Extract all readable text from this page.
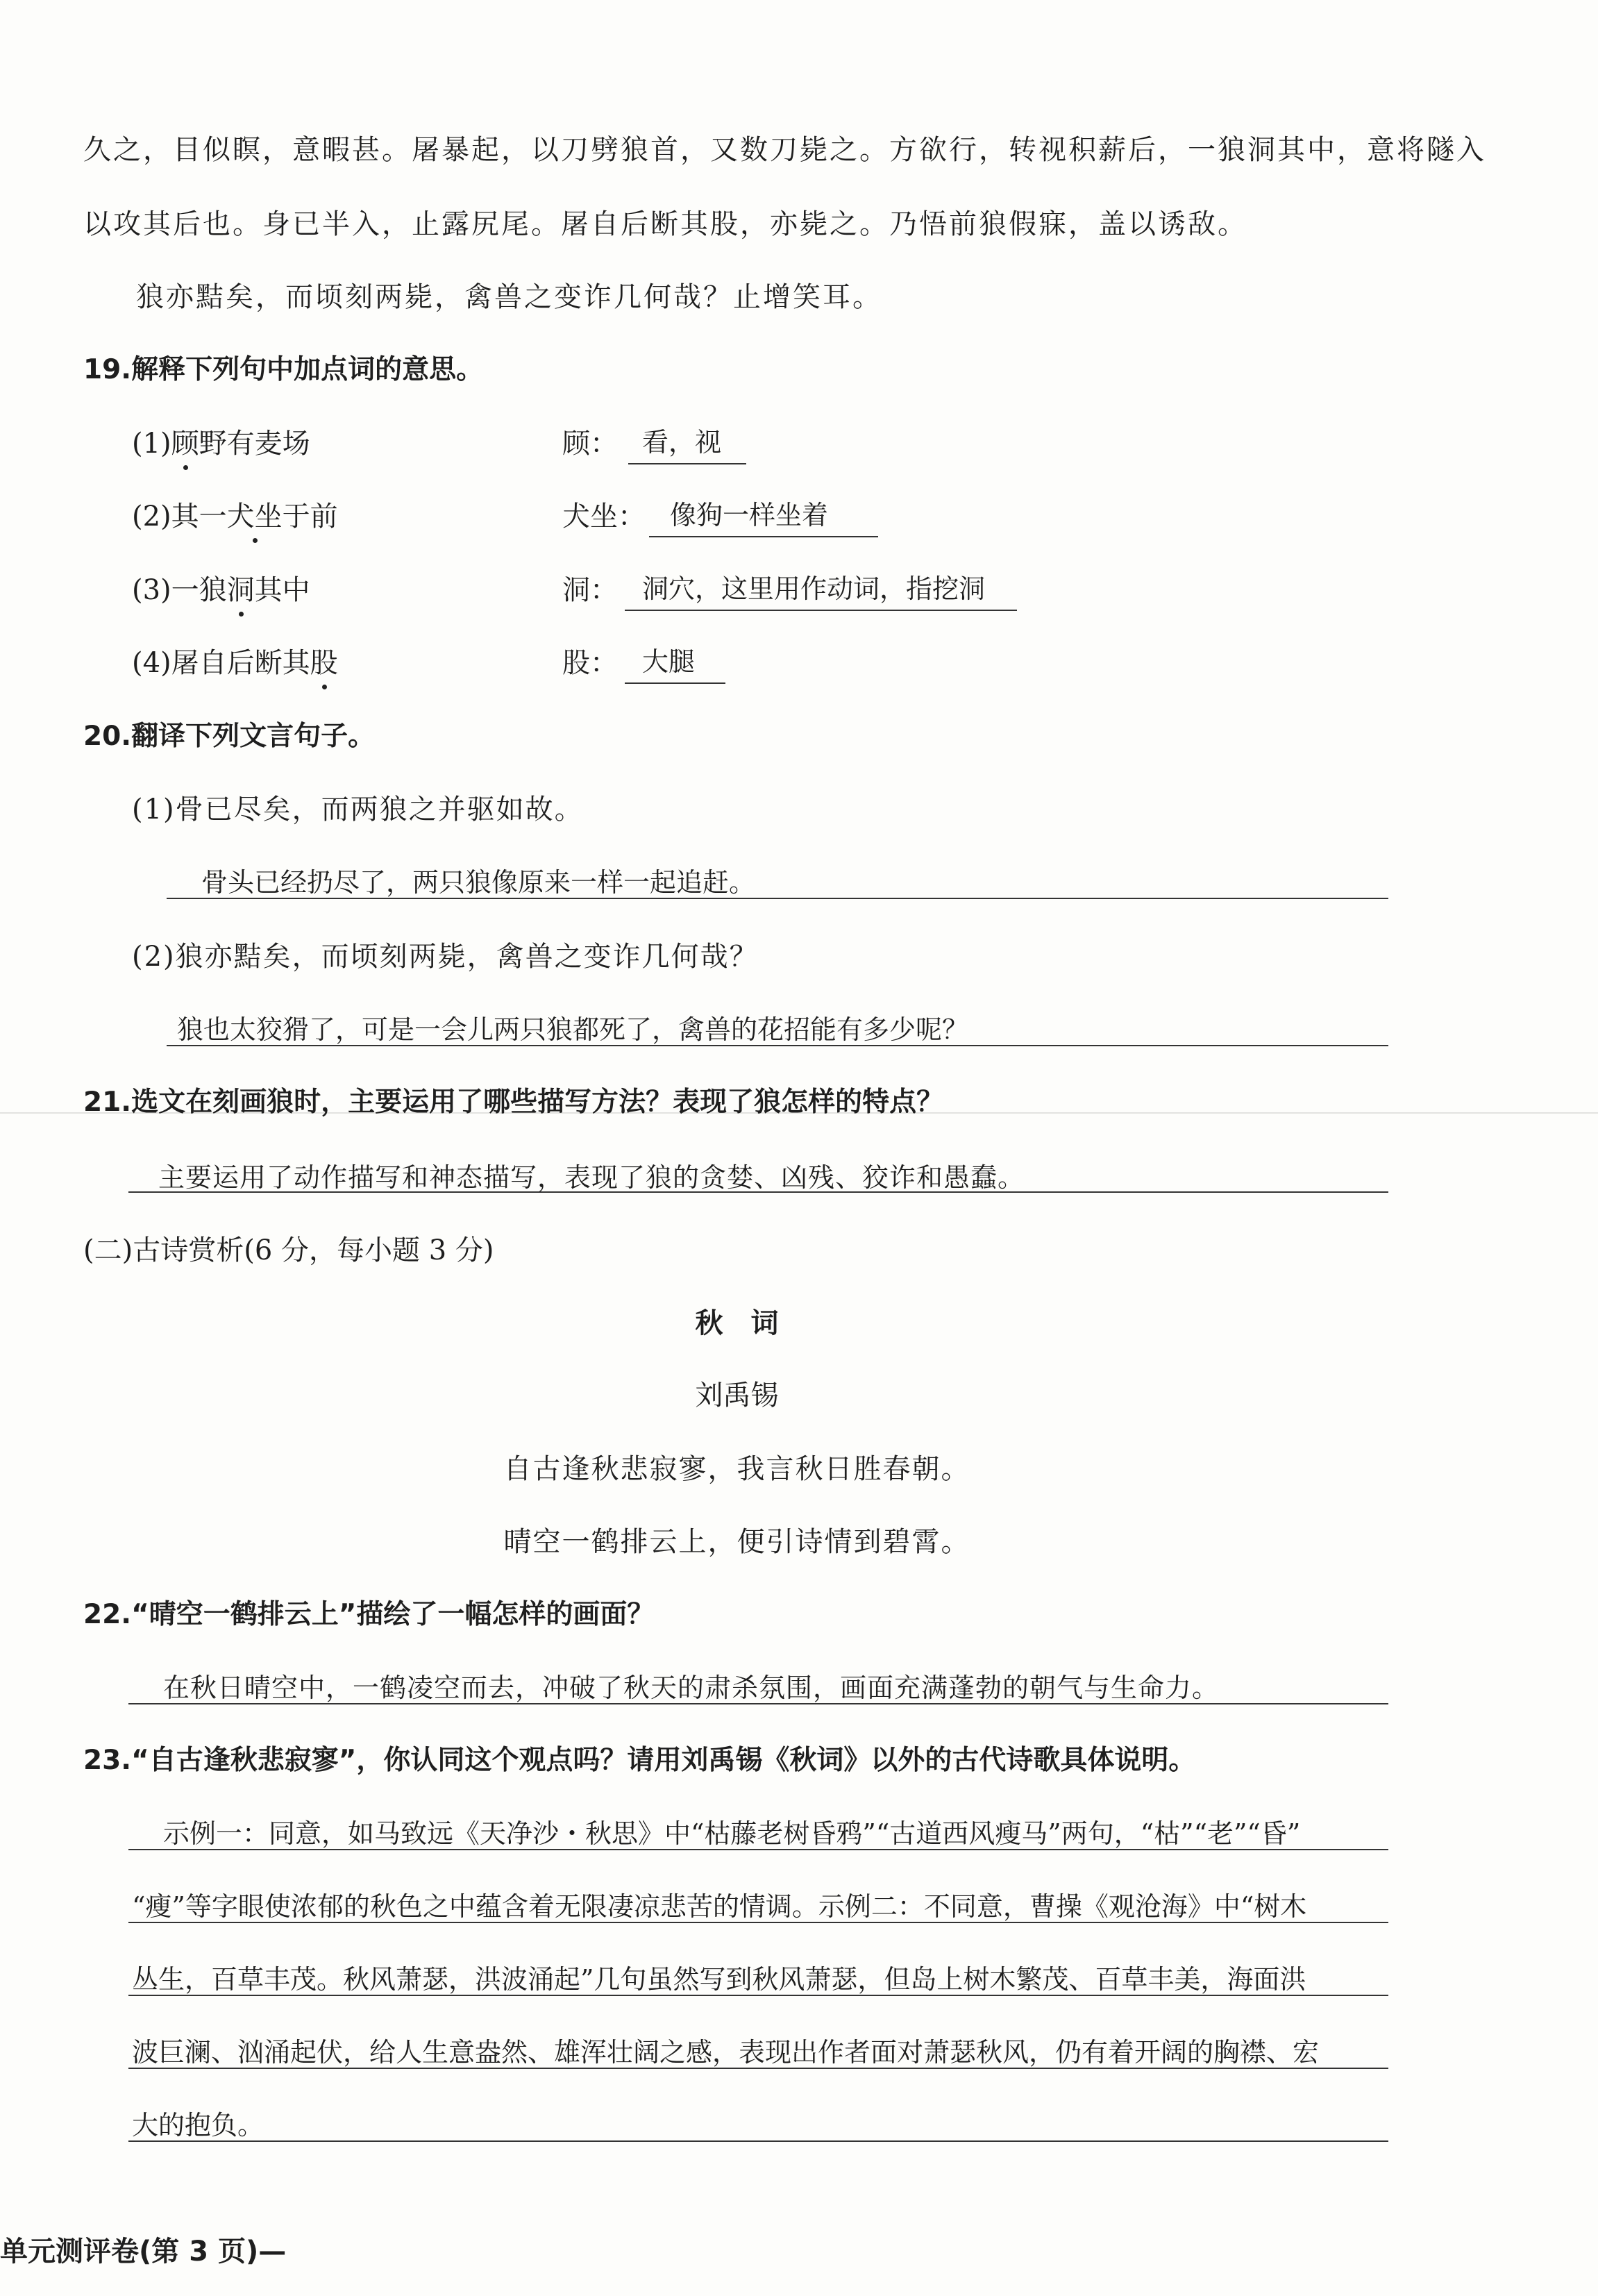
久之，目似瞑，意暇甚。屠暴起，以刀劈狼首，又数刀毙之。方欲行，转视积薪后，一狼洞其中，意将隧入
以攻其后也。身已半入，止露尻尾。屠自后断其股，亦毙之。乃悟前狼假寐，盖以诱敌。
狼亦黠矣，而顷刻两毙，禽兽之变诈几何哉？止增笑耳。
19.解释下列句中加点词的意思。
(1)顾野有麦场	顾： 看，视
(2)其一犬坐于前	犬坐： 像狗一样坐着
(3)一狼洞其中	洞： 洞穴，这里用作动词，指挖洞
(4)屠自后断其股	股： 大腿
20.翻译下列文言句子。
(1)骨已尽矣，而两狼之并驱如故。
骨头已经扔尽了，两只狼像原来一样一起追赶。
(2)狼亦黠矣，而顷刻两毙，禽兽之变诈几何哉？
狼也太狡猾了，可是一会儿两只狼都死了，禽兽的花招能有多少呢？
21.选文在刻画狼时，主要运用了哪些描写方法？表现了狼怎样的特点？
主要运用了动作描写和神态描写，表现了狼的贪婪、凶残、狡诈和愚蠢。
(二)古诗赏析(6 分，每小题 3 分)
秋　词
刘禹锡
自古逢秋悲寂寥，我言秋日胜春朝。
晴空一鹤排云上，便引诗情到碧霄。
22.“晴空一鹤排云上”描绘了一幅怎样的画面？
在秋日晴空中，一鹤凌空而去，冲破了秋天的肃杀氛围，画面充满蓬勃的朝气与生命力。
23.“自古逢秋悲寂寥”，你认同这个观点吗？请用刘禹锡《秋词》以外的古代诗歌具体说明。
示例一：同意，如马致远《天净沙・秋思》中“枯藤老树昏鸦”“古道西风瘦马”两句，“枯”“老”“昏”
“瘦”等字眼使浓郁的秋色之中蕴含着无限凄凉悲苦的情调。示例二：不同意，曹操《观沧海》中“树木
丛生，百草丰茂。秋风萧瑟，洪波涌起”几句虽然写到秋风萧瑟，但岛上树木繁茂、百草丰美，海面洪
波巨澜、汹涌起伏，给人生意盎然、雄浑壮阔之感，表现出作者面对萧瑟秋风，仍有着开阔的胸襟、宏
大的抱负。
单元测评卷(第 3 页)—
